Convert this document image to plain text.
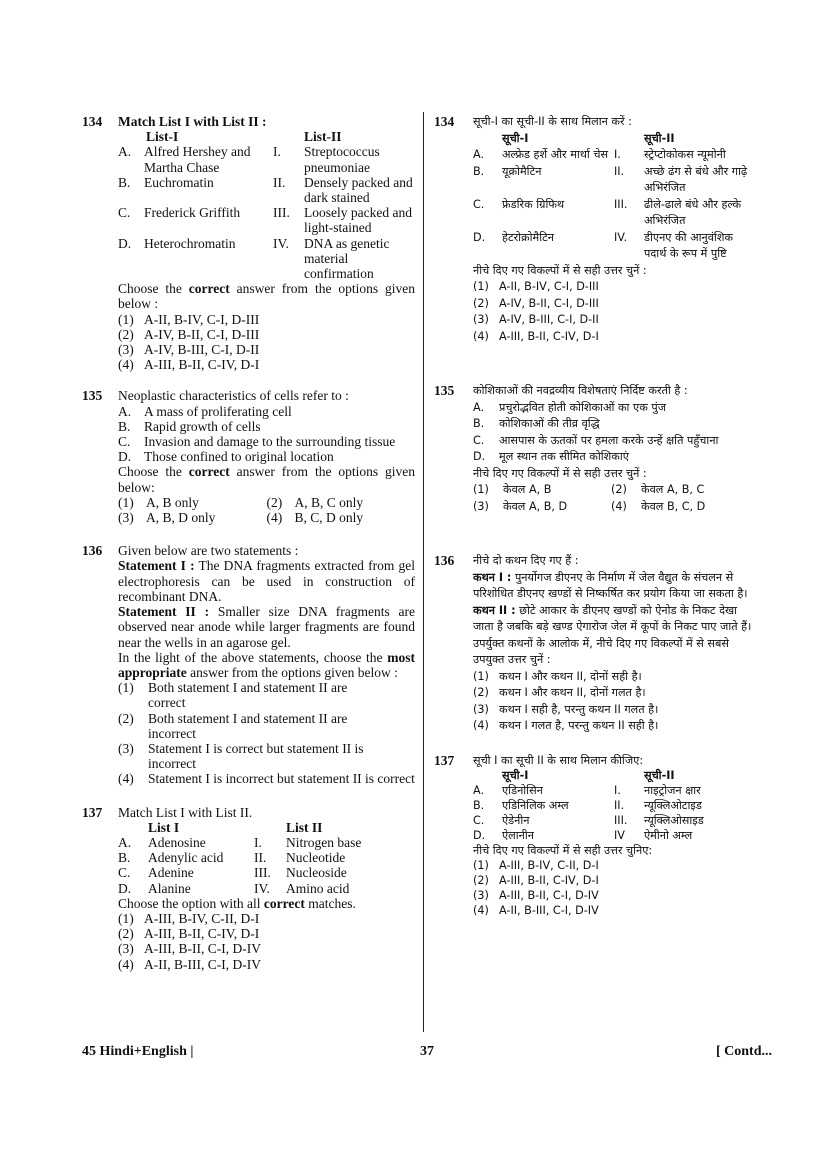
134 Match List I with List II :

	List-I		List-II
A.	Alfred Hershey and Martha Chase	I.	Streptococcus pneumoniae
B.	Euchromatin	II.	Densely packed and dark stained
C.	Frederick Griffith	III.	Loosely packed and light-stained
D.	Heterochromatin	IV.	DNA as genetic material confirmation

Choose the correct answer from the options given below :

(1) A-II, B-IV, C-I, D-III
(2) A-IV, B-II, C-I, D-III
(3) A-IV, B-III, C-I, D-II
(4) A-III, B-II, C-IV, D-I
135 Neoplastic characteristics of cells refer to :

A. A mass of proliferating cell
B.	Rapid growth of cells
C.	Invasion and damage to the surrounding tissue
D. Those confined to original location

Choose the correct answer from the options given below:

(1) A, B only	(2) A, B, C only
(3) A, B, D only	(4) B, C, D only
136 Given below are two statements :

Statement I : The DNA fragments extracted from gel electrophoresis can be used in construction of recombinant DNA.

Statement II : Smaller size DNA fragments are observed near anode while larger fragments are found near the wells in an agarose gel.

In the light of the above statements, choose the most appropriate answer from the options given below :

(1)	Both statement I and statement II are correct
(2)	Both statement I and statement II are incorrect
(3)	Statement I is correct but statement II is incorrect
(4)	Statement I is incorrect but statement II is correct
137 Match List I with List II.

	List I		List II
A.	Adenosine	I.	Nitrogen base
B.	Adenylic acid	II.	Nucleotide
C.	Adenine	III.	Nucleoside
D.	Alanine	IV.	Amino acid

Choose the option with all correct matches.

(1) A-III, B-IV, C-II, D-I
(2) A-III, B-II, C-IV, D-I
(3) A-III, B-II, C-I, D-IV
(4) A-II, B-III, C-I, D-IV
134 सूची-I का सूची-II के साथ मिलान करें :

	सूची-I		सूची-II
A.	अल्फ्रेड हर्शे और मार्था चेस	I.	स्ट्रेप्टोकोकस न्यूमोनी
B.	यूक्रोमैटिन	II.	अच्छे ढंग से बंधे और गाढ़े अभिरंजित
C.	फ्रेडरिक ग्रिफिथ	III.	ढीले-ढाले बंधे और हल्के अभिरंजित
D.	हेटरोक्रोमैटिन	IV.	डीएनए की आनुवंशिक पदार्थ के रूप में पुष्टि

नीचे दिए गए विकल्पों में से सही उत्तर चुनें :

(1) A-II, B-IV, C-I, D-III
(2) A-IV, B-II, C-I, D-III
(3) A-IV, B-III, C-I, D-II
(4) A-III, B-II, C-IV, D-I
135 कोशिकाओं की नवद्रव्यीय विशेषताएं निर्दिष्ट करती है :

A.	प्रचुरोद्भवित होती कोशिकाओं का एक पुंज
B.	कोशिकाओं की तीव्र वृद्धि
C.	आसपास के ऊतकों पर हमला करके उन्हें क्षति पहुँचाना
D.	मूल स्थान तक सीमित कोशिकाएं

नीचे दिए गए विकल्पों में से सही उत्तर चुनें :

(1)	केवल A, B	(2)	केवल A, B, C
(3)	केवल A, B, D	(4)	केवल B, C, D
136 नीचे दो कथन दिए गए हैं :

कथन I : पुनर्योगज डीएनए के निर्माण में जेल वैद्युत के संचलन से परिशोधित डीएनए खण्डों से निष्कर्षित कर प्रयोग किया जा सकता है।

कथन II : छोटे आकार के डीएनए खण्डों को ऐनोड के निकट देखा जाता है जबकि बड़े खण्ड ऐगारोज जेल में कूपों के निकट पाए जाते हैं।

उपर्युक्त कथनों के आलोक में, नीचे दिए गए विकल्पों में से सबसे उपयुक्त उत्तर चुनें :

(1) कथन I और कथन II, दोनों सही है।
(2) कथन I और कथन II, दोनों गलत है।
(3) कथन I सही है, परन्तु कथन II गलत है।
(4) कथन I गलत है, परन्तु कथन II सही है।
137 सूची I का सूची II के साथ मिलान कीजिए:

	सूची-I		सूची-II
A.	एडिनोसिन	I.	नाइट्रोजन क्षार
B.	एडिनिलिक अम्ल	II.	न्यूक्लिओटाइड
C.	ऐडेनीन	III.	न्यूक्लिओसाइड
D.	ऐलानीन	IV	ऐमीनो अम्ल

नीचे दिए गए विकल्पों में से सही उत्तर चुनिए:

(1) A-III, B-IV, C-II, D-I
(2) A-III, B-II, C-IV, D-I
(3) A-III, B-II, C-I, D-IV
(4) A-II, B-III, C-I, D-IV
45 Hindi+English |	37	[ Contd...
